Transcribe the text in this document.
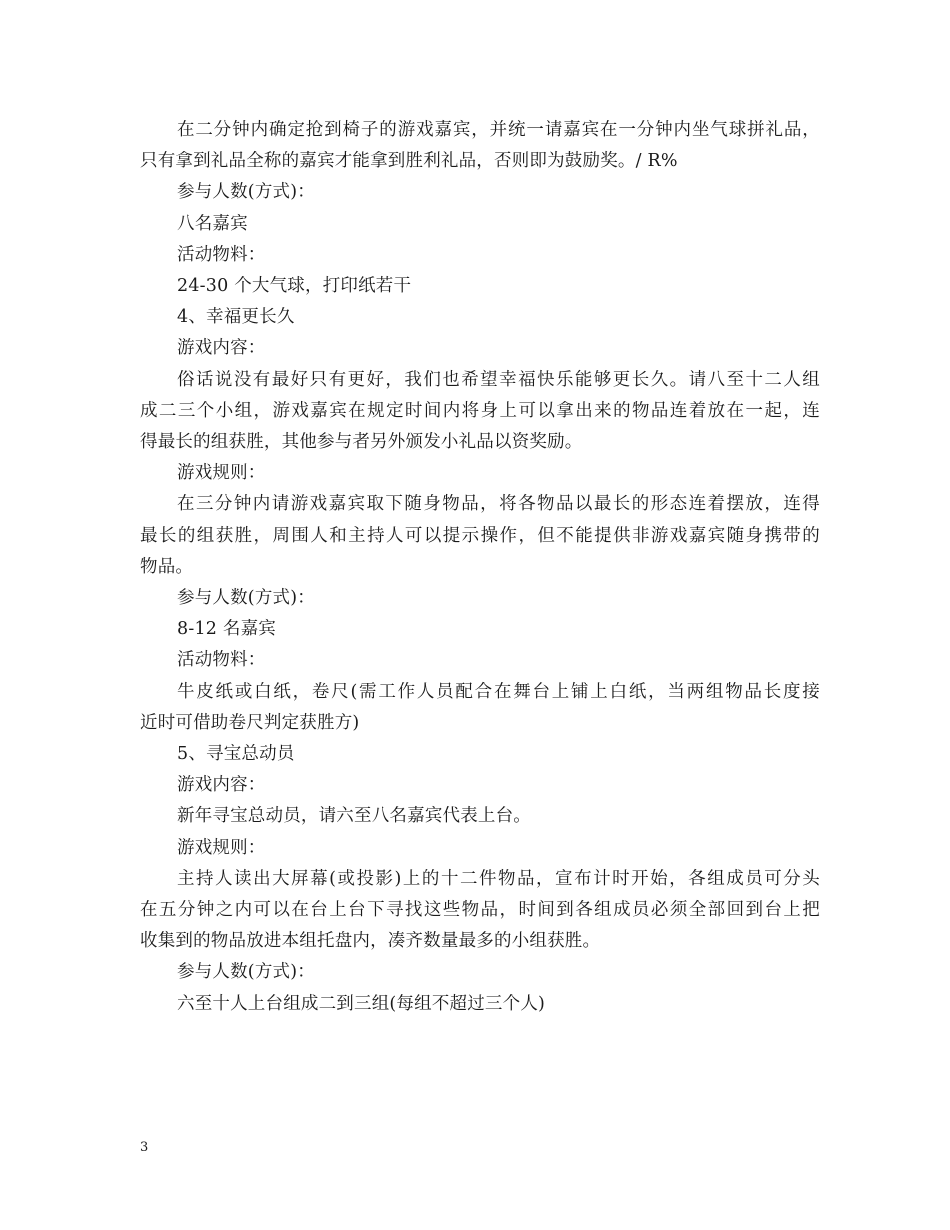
在二分钟内确定抢到椅子的游戏嘉宾，并统一请嘉宾在一分钟内坐气球拼礼品，
只有拿到礼品全称的嘉宾才能拿到胜利礼品，否则即为鼓励奖。/ R%
参与人数(方式)：
八名嘉宾
活动物料：
24-30 个大气球，打印纸若干
4、幸福更长久
游戏内容：
俗话说没有最好只有更好，我们也希望幸福快乐能够更长久。请八至十二人组
成二三个小组，游戏嘉宾在规定时间内将身上可以拿出来的物品连着放在一起，连
得最长的组获胜，其他参与者另外颁发小礼品以资奖励。
游戏规则：
在三分钟内请游戏嘉宾取下随身物品，将各物品以最长的形态连着摆放，连得
最长的组获胜，周围人和主持人可以提示操作，但不能提供非游戏嘉宾随身携带的
物品。
参与人数(方式)：
8-12 名嘉宾
活动物料：
牛皮纸或白纸，卷尺(需工作人员配合在舞台上铺上白纸，当两组物品长度接
近时可借助卷尺判定获胜方)
5、寻宝总动员
游戏内容：
新年寻宝总动员，请六至八名嘉宾代表上台。
游戏规则：
主持人读出大屏幕(或投影)上的十二件物品，宣布计时开始，各组成员可分头
在五分钟之内可以在台上台下寻找这些物品，时间到各组成员必须全部回到台上把
收集到的物品放进本组托盘内，凑齐数量最多的小组获胜。
参与人数(方式)：
六至十人上台组成二到三组(每组不超过三个人)
3
